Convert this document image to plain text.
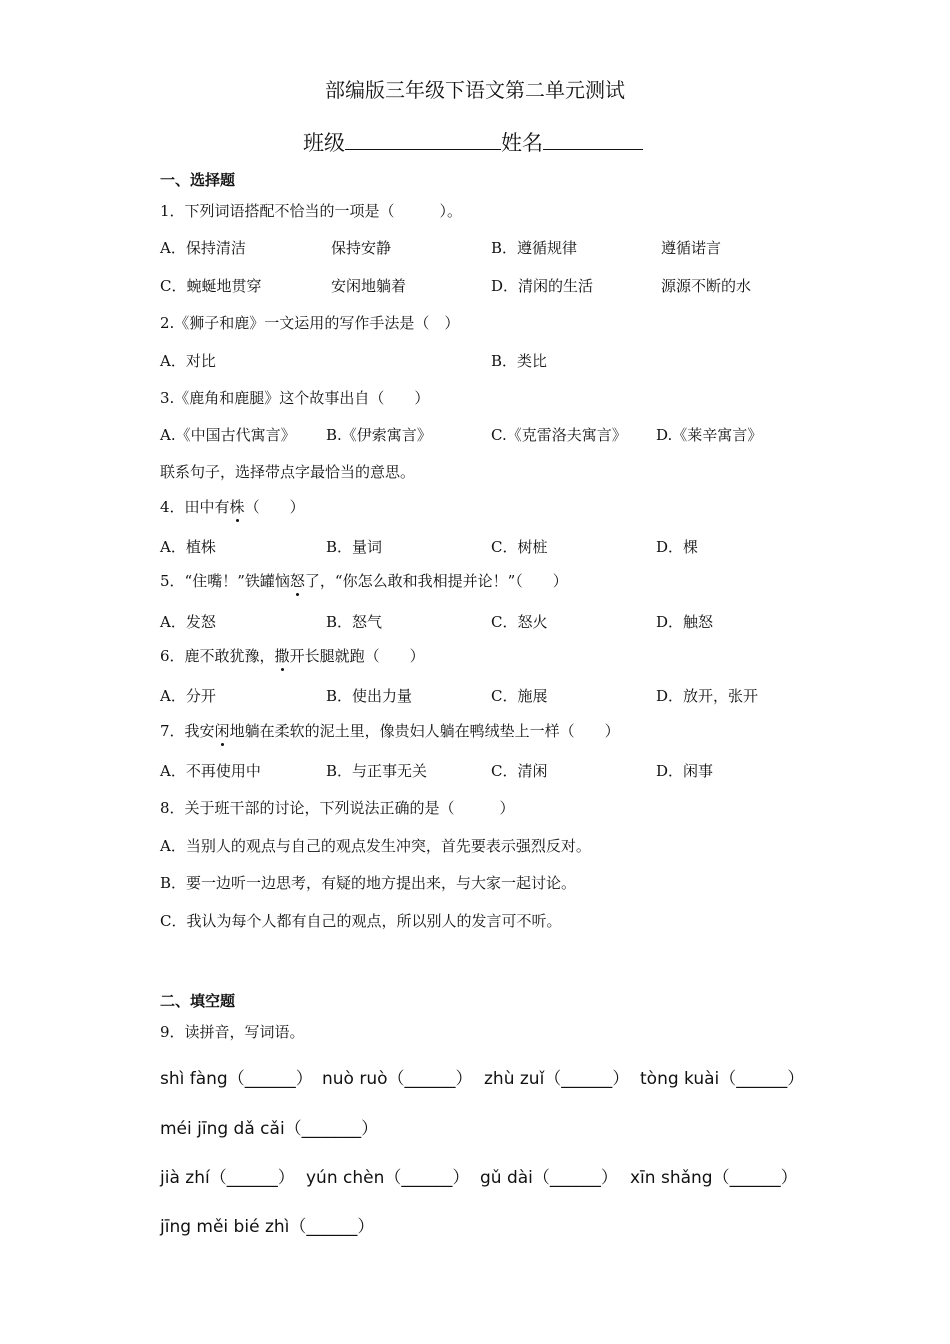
部编版三年级下语文第二单元测试
班级	姓名
一、选择题
1．下列词语搭配不恰当的一项是（　　　）。
A．保持清洁	保持安静	B．遵循规律	遵循诺言
C．蜿蜒地贯穿	安闲地躺着	D．清闲的生活	源源不断的水
2.《狮子和鹿》一文运用的写作手法是（　）
A．对比	B．类比
3.《鹿角和鹿腿》这个故事出自（　　）
A.《中国古代寓言》 B.《伊索寓言》	C.《克雷洛夫寓言》 D.《莱辛寓言》
联系句子，选择带点字最恰当的意思。
4．田中有株（　　）
A．植株	B．量词	C．树桩	D．棵
5．“住嘴！”铁罐恼怒了，“你怎么敢和我相提并论！”（　　）
A．发怒	B．怒气	C．怒火	D．触怒
6．鹿不敢犹豫，撒开长腿就跑（　　）
A．分开	B．使出力量	C．施展	D．放开，张开
7．我安闲地躺在柔软的泥土里，像贵妇人躺在鸭绒垫上一样（　　）
A．不再使用中	B．与正事无关	C．清闲	D．闲事
8．关于班干部的讨论，下列说法正确的是（　　　）
A．当别人的观点与自己的观点发生冲突，首先要表示强烈反对。
B．要一边听一边思考，有疑的地方提出来，与大家一起讨论。
C．我认为每个人都有自己的观点，所以别人的发言可不听。
二、填空题
9．读拼音，写词语。
shì fàng（______） nuò ruò（______） zhù zuǐ（______） tòng kuài（______）
méi jīng dǎ cǎi（_______）
jià zhí（______） yún chèn（______） gǔ dài（______） xīn shǎng（______）
jīng měi bié zhì（______）
